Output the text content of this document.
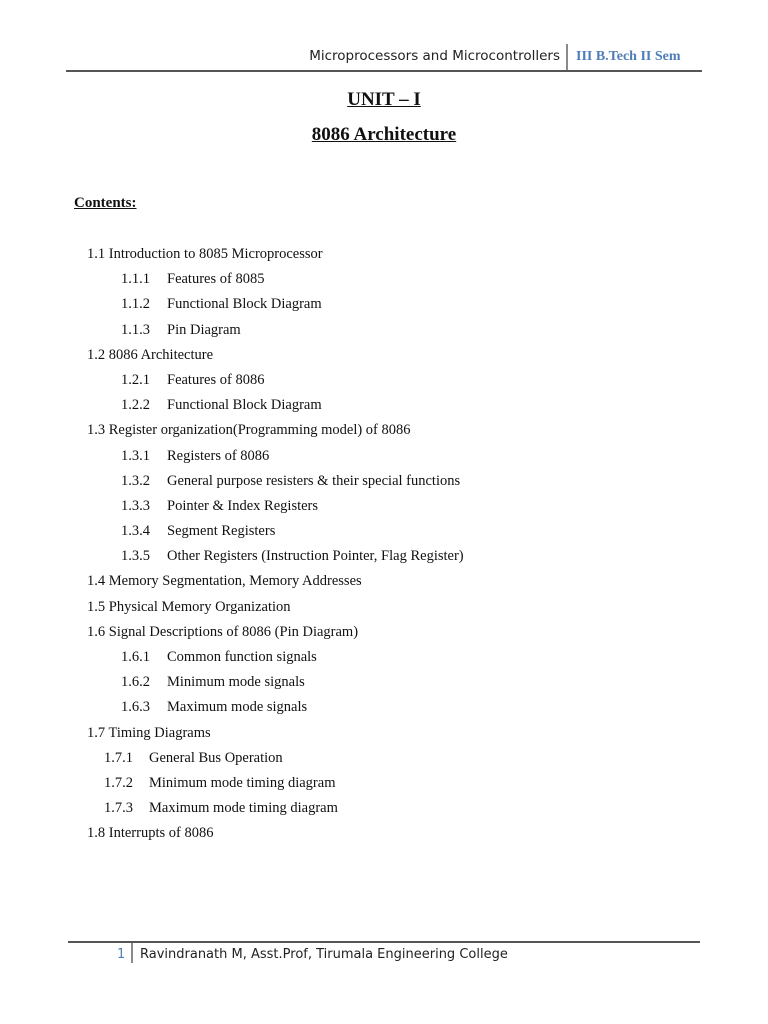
Microprocessors and Microcontrollers III B.Tech II Sem
UNIT – I
8086 Architecture
Contents:
1.1 Introduction to 8085 Microprocessor
1.1.1 Features of 8085
1.1.2 Functional Block Diagram
1.1.3 Pin Diagram
1.2 8086 Architecture
1.2.1 Features of 8086
1.2.2 Functional Block Diagram
1.3 Register organization(Programming model) of 8086
1.3.1 Registers of 8086
1.3.2 General purpose resisters & their special functions
1.3.3 Pointer & Index Registers
1.3.4 Segment Registers
1.3.5 Other Registers (Instruction Pointer, Flag Register)
1.4 Memory Segmentation, Memory Addresses
1.5 Physical Memory Organization
1.6 Signal Descriptions of 8086 (Pin Diagram)
1.6.1 Common function signals
1.6.2 Minimum mode signals
1.6.3 Maximum mode signals
1.7 Timing Diagrams
1.7.1 General Bus Operation
1.7.2 Minimum mode timing diagram
1.7.3 Maximum mode timing diagram
1.8 Interrupts of 8086
1 Ravindranath M, Asst.Prof, Tirumala Engineering College
